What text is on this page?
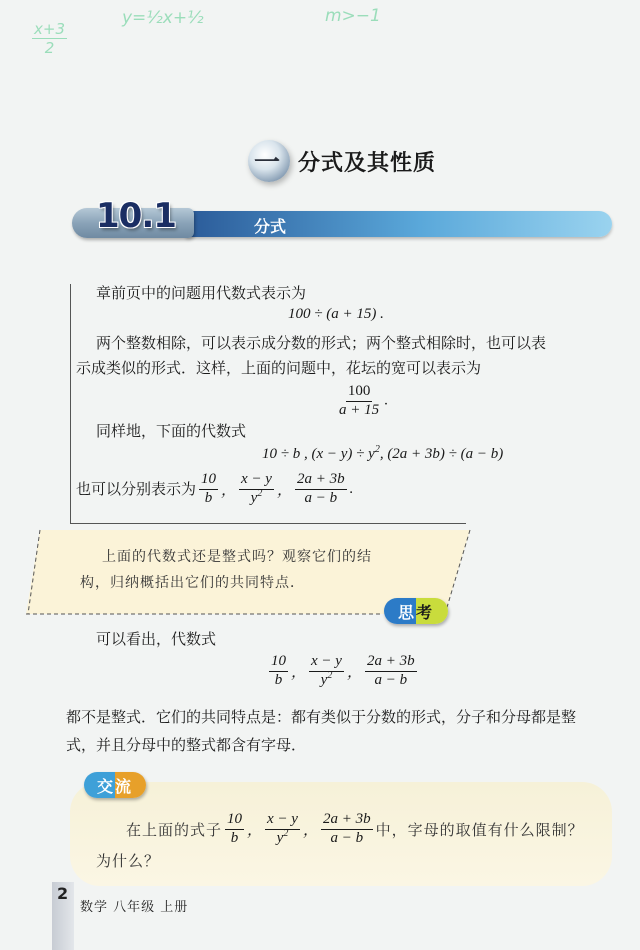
$\frac{x+3}{2}$
y=½x+½	m>−1
一 分式及其性质
10.1	分式
章前页中的问题用代数式表示为
100 ÷ (a + 15) .
两个整数相除，可以表示成分数的形式；两个整式相除时，也可以表
示成类似的形式．这样，上面的问题中，花坛的宽可以表示为
$\frac{100}{a + 15}$ .
同样地，下面的代数式
10 ÷ b , $(x - y) \div y^2$, (2a + 3b) ÷ (a − b)
也可以分别表示为 $\frac{10}{b}$ ， $\frac{x - y}{y^2}$ ， $\frac{2a + 3b}{a - b}$ .
上面的代数式还是整式吗？观察它们的结
构，归纳概括出它们的共同特点．
思 考
可以看出，代数式
$\frac{10}{b}$ ， $\frac{x - y}{y^2}$ ， $\frac{2a + 3b}{a - b}$
都不是整式．它们的共同特点是：都有类似于分数的形式，分子和分母都是整
式，并且分母中的整式都含有字母．
交 流
在上面的式子 $\frac{10}{b}$ ， $\frac{x - y}{y^2}$ ， $\frac{2a + 3b}{a - b}$ 中，字母的取值有什么限制？
为什么？
2
数学 八年级 上册
